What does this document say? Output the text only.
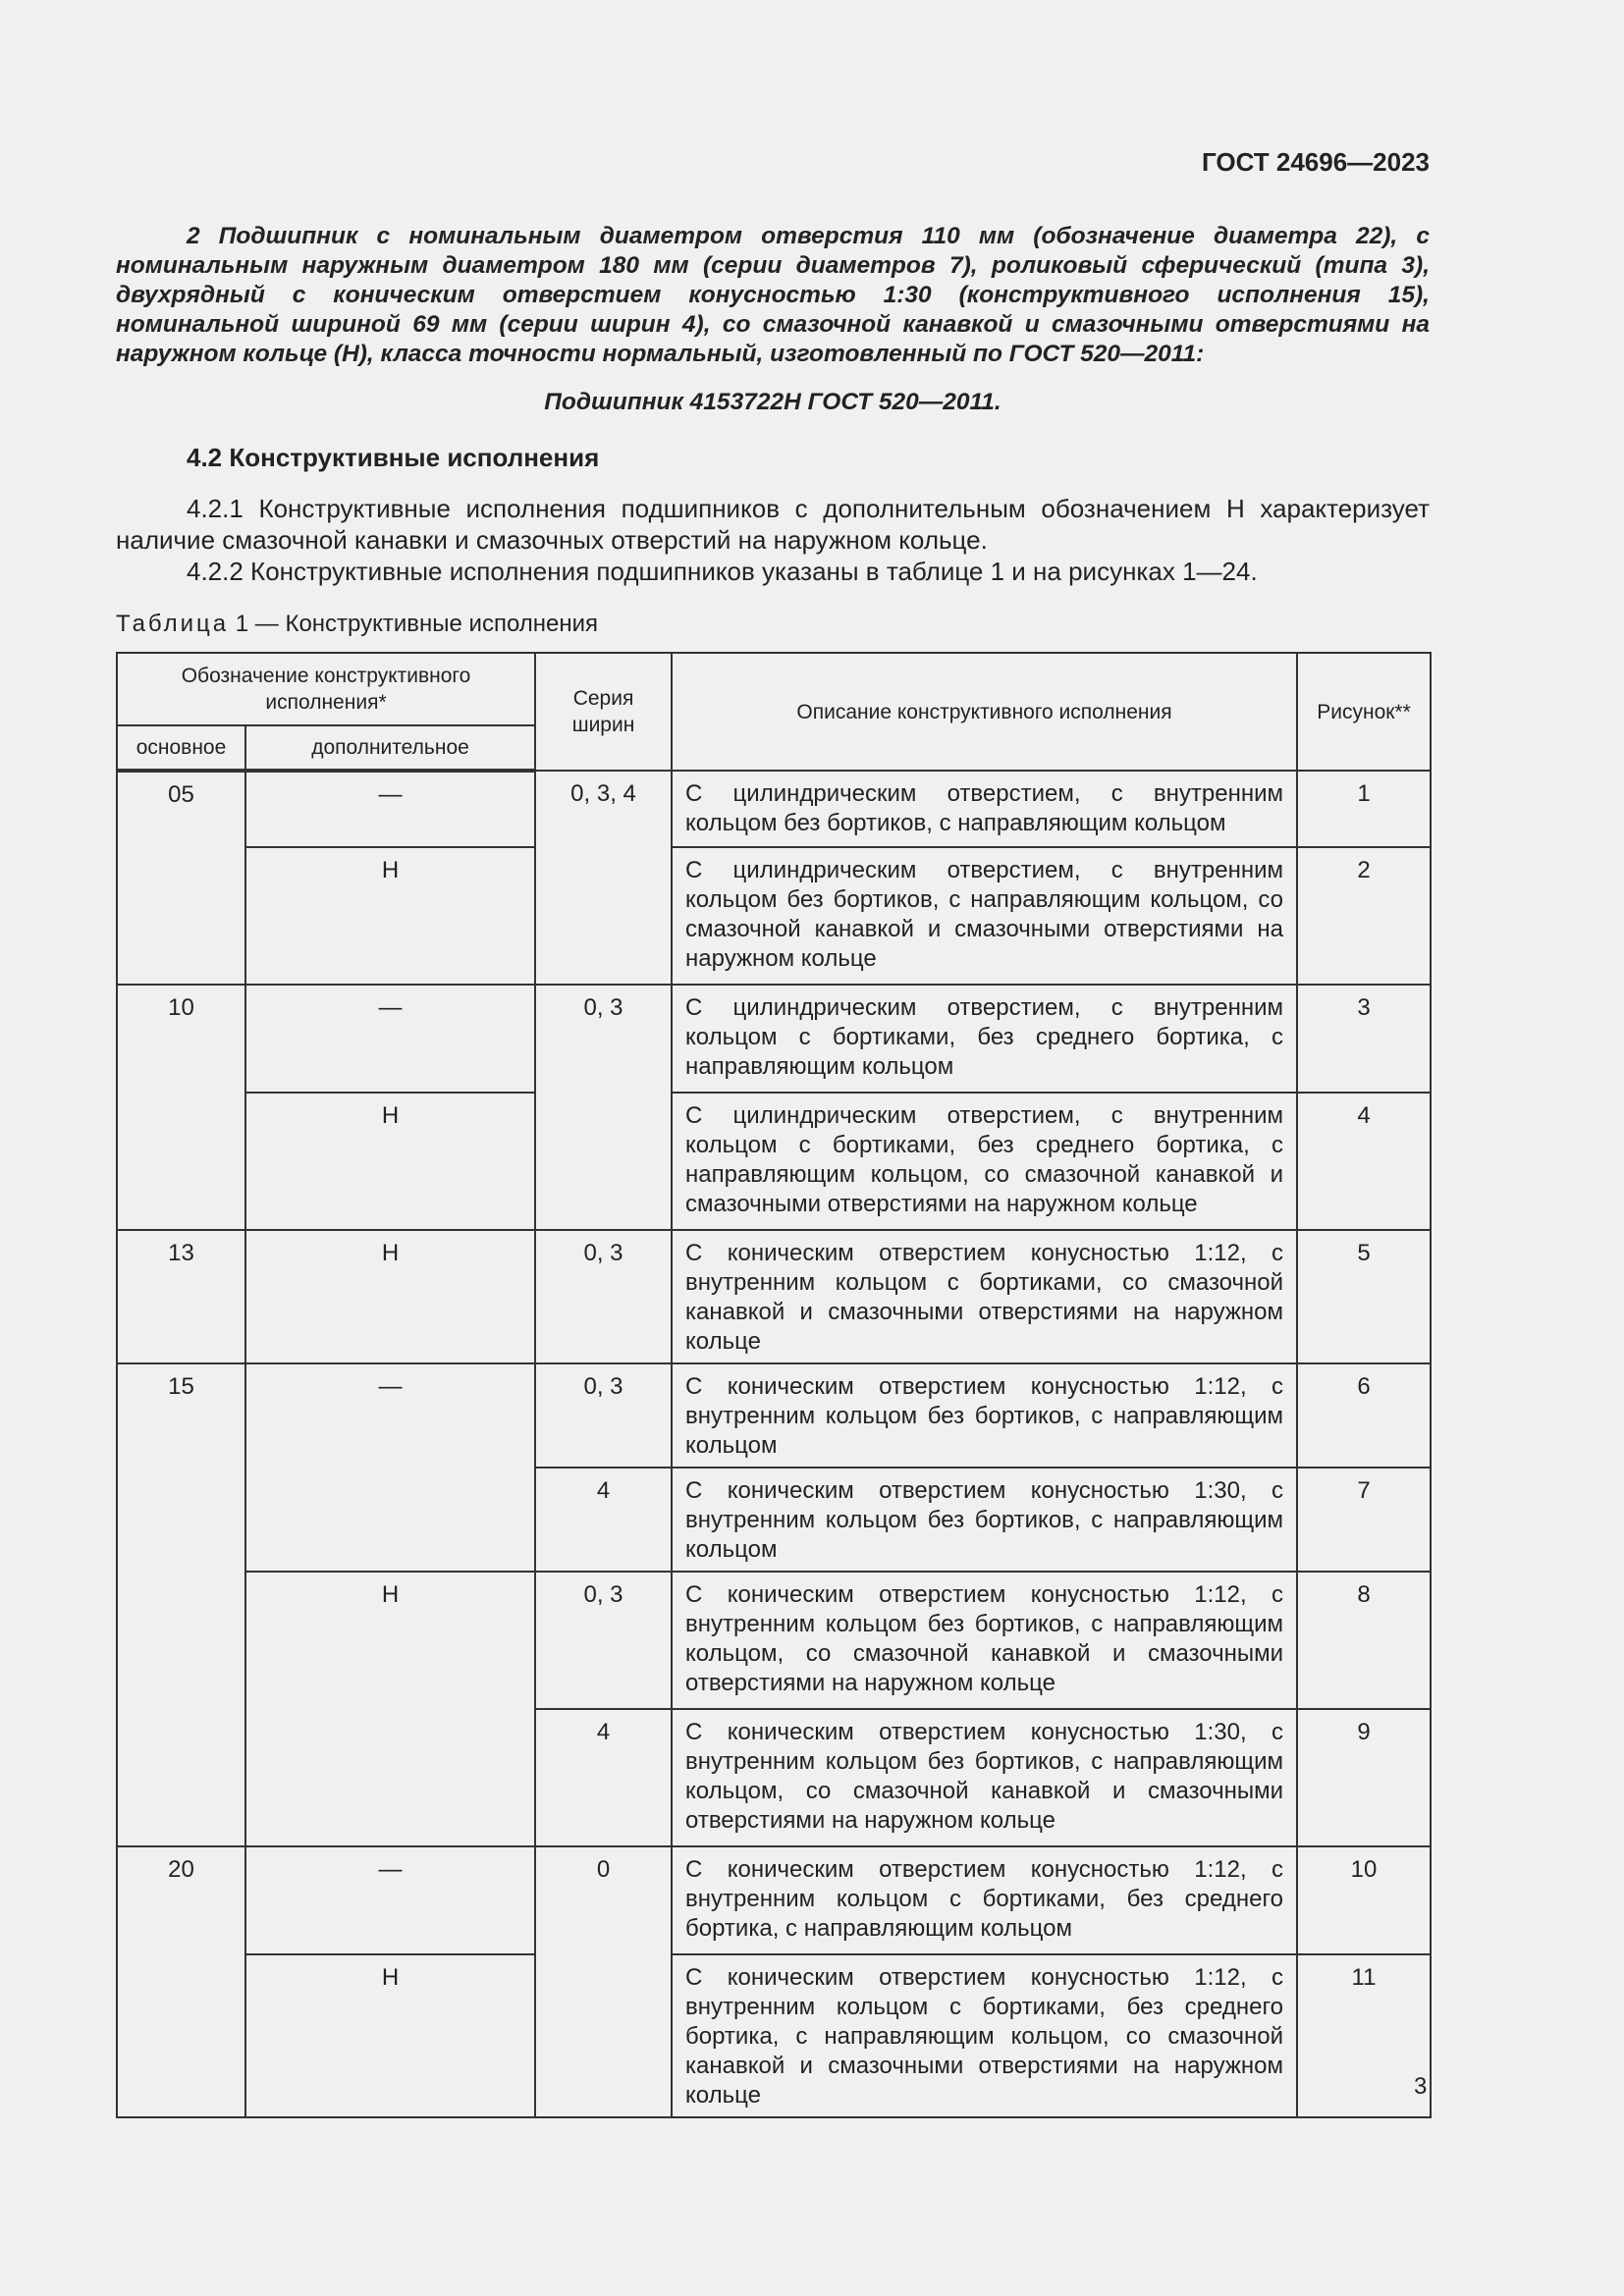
ГОСТ 24696—2023

2 Подшипник с номинальным диаметром отверстия 110 мм (обозначение диаметра 22), с номинальным наружным диаметром 180 мм (серии диаметров 7), роликовый сферический (типа 3), двухрядный с коническим отверстием конусностью 1:30 (конструктивного исполнения 15), номинальной шириной 69 мм (серии ширин 4), со смазочной канавкой и смазочными отверстиями на наружном кольце (Н), класса точности нормальный, изготовленный по ГОСТ 520—2011:

Подшипник 4153722Н ГОСТ 520—2011.
4.2 Конструктивные исполнения

4.2.1 Конструктивные исполнения подшипников с дополнительным обозначением Н характеризует наличие смазочной канавки и смазочных отверстий на наружном кольце.

4.2.2 Конструктивные исполнения подшипников указаны в таблице 1 и на рисунках 1—24.

Таблица 1 — Конструктивные исполнения
Обозначение конструктивного исполнения*		Серия ширин	Описание конструктивного исполнения	Рисунок**
основное	дополнительное			
05	—	0, 3, 4	С цилиндрическим отверстием, с внутренним кольцом без бортиков, с направляющим кольцом	1
	Н		С цилиндрическим отверстием, с внутренним кольцом без бортиков, с направляющим кольцом, со смазочной канавкой и смазочными отверстиями на наружном кольце	2
10	—	0, 3	С цилиндрическим отверстием, с внутренним кольцом с бортиками, без среднего бортика, с направляющим кольцом	3
	Н		С цилиндрическим отверстием, с внутренним кольцом с бортиками, без среднего бортика, с направляющим кольцом, со смазочной канавкой и смазочными отверстиями на наружном кольце	4
13	Н	0, 3	С коническим отверстием конусностью 1:12, с внутренним кольцом с бортиками, со смазочной канавкой и смазочными отверстиями на наружном кольце	5
15	—	0, 3	С коническим отверстием конусностью 1:12, с внутренним кольцом без бортиков, с направляющим кольцом	6
		4	С коническим отверстием конусностью 1:30, с внутренним кольцом без бортиков, с направляющим кольцом	7
	Н	0, 3	С коническим отверстием конусностью 1:12, с внутренним кольцом без бортиков, с направляющим кольцом, со смазочной канавкой и смазочными отверстиями на наружном кольце	8
		4	С коническим отверстием конусностью 1:30, с внутренним кольцом без бортиков, с направляющим кольцом, со смазочной канавкой и смазочными отверстиями на наружном кольце	9
20	—	0	С коническим отверстием конусностью 1:12, с внутренним кольцом с бортиками, без среднего бортика, с направляющим кольцом	10
	Н		С коническим отверстием конусностью 1:12, с внутренним кольцом с бортиками, без среднего бортика, с направляющим кольцом, со смазочной канавкой и смазочными отверстиями на наружном кольце	11
3
